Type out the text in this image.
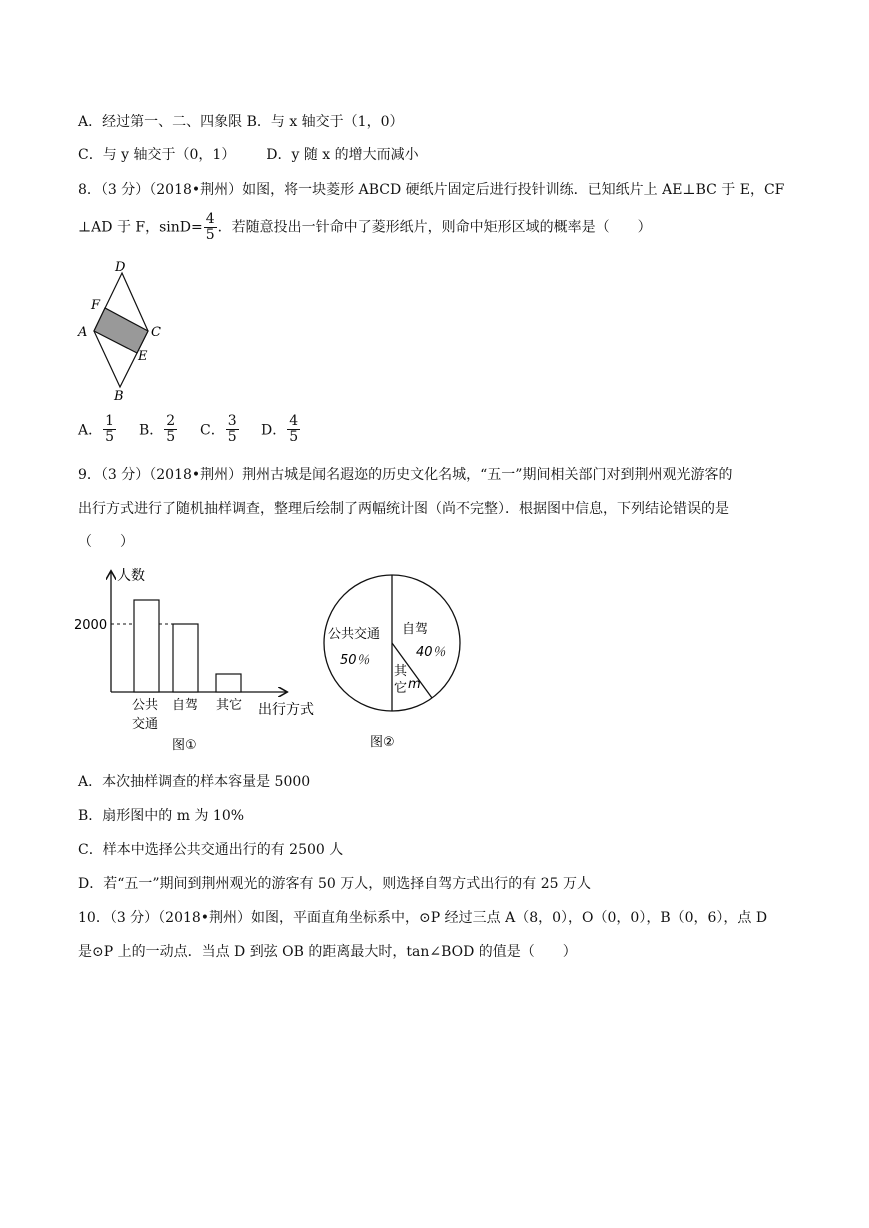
A．经过第一、二、四象限 B．与 x 轴交于（1，0）
C．与 y 轴交于（0，1） D．y 随 x 的增大而减小
8．（3 分）（2018•荆州）如图，将一块菱形 ABCD 硬纸片固定后进行投针训练．已知纸片上 AE⊥BC 于 E，CF
⊥AD 于 F，$\sin D= \frac{4}{5}$ ．若随意投出一针命中了菱形纸片，则命中矩形区域的概率是（　　）
D
F
A	C
E
B
A． $\frac{1}{5}$ B． $\frac{2}{5}$ C． $\frac{3}{5}$ D． $\frac{4}{5}$
9．（3 分）（2018•荆州）荆州古城是闻名遐迩的历史文化名城，“五一”期间相关部门对到荆州观光游客的
出行方式进行了随机抽样调查，整理后绘制了两幅统计图（尚不完整）．根据图中信息，下列结论错误的是
（　　）
人数
2000
公共
交通
自驾 其它 出行方式
图①
公共交通
50％
自驾
40％
其
它 m
图②
A．本次抽样调查的样本容量是 5000
B．扇形图中的 m 为 10%
C．样本中选择公共交通出行的有 2500 人
D．若“五一”期间到荆州观光的游客有 50 万人，则选择自驾方式出行的有 25 万人
10．（3 分）（2018•荆州）如图，平面直角坐标系中，⊙P 经过三点 A（8，0），O（0，0），B（0，6），点 D
是⊙P 上的一动点．当点 D 到弦 OB 的距离最大时，tan∠BOD 的值是（　　）
